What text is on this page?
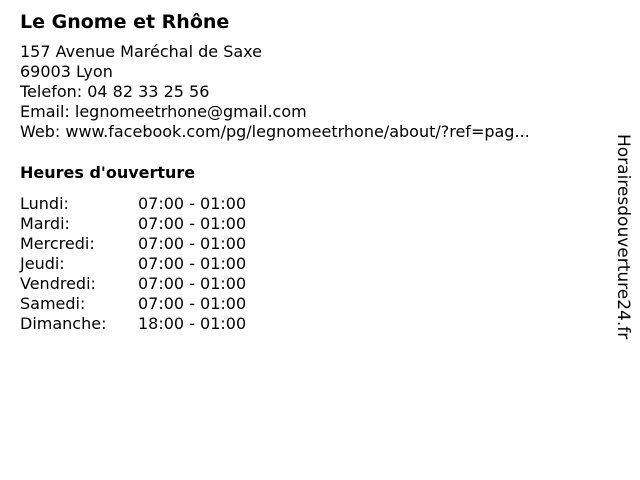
Le Gnome et Rhône
157 Avenue Maréchal de Saxe
69003 Lyon
Telefon: 04 82 33 25 56
Email: legnomeetrhone@gmail.com
Web: www.facebook.com/pg/legnomeetrhone/about/?ref=pag...
Heures d'ouverture
Lundi:	07:00 - 01:00
Mardi:	07:00 - 01:00
Mercredi:	07:00 - 01:00
Jeudi:	07:00 - 01:00
Vendredi:	07:00 - 01:00
Samedi:	07:00 - 01:00
Dimanche:	18:00 - 01:00	Horairesdouverture24.fr
